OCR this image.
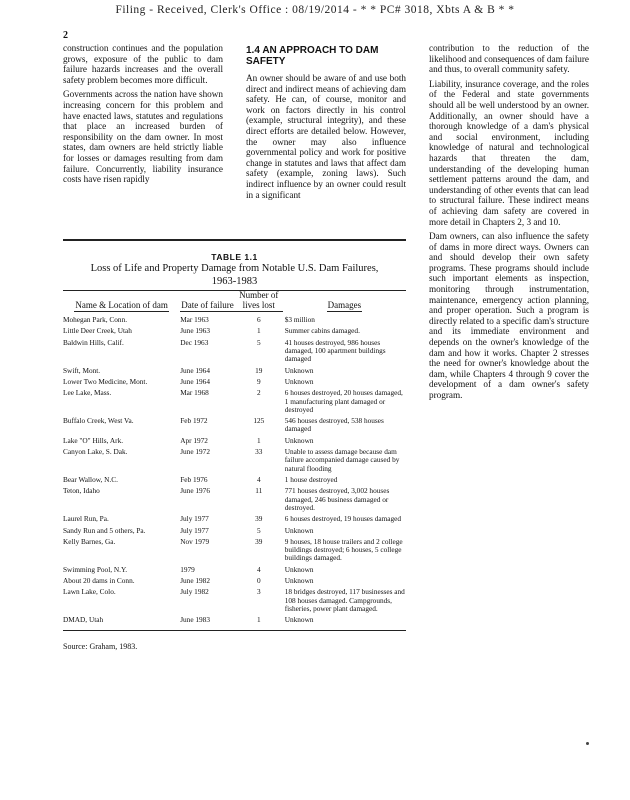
Filing - Received, Clerk's Office : 08/19/2014 - * * PC# 3018, Xbts A & B * *
2

construction continues and the population grows, exposure of the public to dam failure hazards increases and the overall safety problem becomes more difficult.

Governments across the nation have shown increasing concern for this problem and have enacted laws, statutes and regulations that place an increased burden of responsibility on the dam owner. In most states, dam owners are held strictly liable for losses or damages resulting from dam failure. Concurrently, liability insurance costs have risen rapidly

1.4 AN APPROACH TO DAM SAFETY

An owner should be aware of and use both direct and indirect means of achieving dam safety. He can, of course, monitor and work on factors directly in his control (example, structural integrity), and these direct efforts are detailed below. However, the owner may also influence governmental policy and work for positive change in statutes and laws that affect dam safety (example, zoning laws). Such indirect influence by an owner could result in a significant

contribution to the reduction of the likelihood and consequences of dam failure and thus, to overall community safety.

Liability, insurance coverage, and the roles of the Federal and state governments should all be well understood by an owner. Additionally, an owner should have a thorough knowledge of a dam's physical and social environment, including knowledge of natural and technological hazards that threaten the dam, understanding of the developing human settlement patterns around the dam, and understanding of other events that can lead to structural failure. These indirect means of achieving dam safety are covered in more detail in Chapters 2, 3 and 10.

Dam owners, can also influence the safety of dams in more direct ways. Owners can and should develop their own safety programs. These programs should include such important elements as inspection, monitoring through instrumentation, maintenance, emergency action planning, and proper operation. Such a program is directly related to a specific dam's structure and its immediate environment and depends on the owner's knowledge of the dam and how it works. Chapter 2 stresses the need for owner's knowledge about the dam, while Chapters 4 through 9 cover the development of a dam owner's safety program.

TABLE 1.1
Loss of Life and Property Damage from Notable U.S. Dam Failures,
1963-1983
Name & Location of dam	Date of failure	Number of lives lost	Damages

Mohegan Park, Conn.	Mar 1963	6	$3 million

Little Deer Creek, Utah	June 1963	1	Summer cabins damaged.

Baldwin Hills, Calif.	Dec 1963	5	41 houses destroyed, 986 houses damaged, 100 apartment buildings damaged

Swift, Mont.	June 1964	19	Unknown

Lower Two Medicine, Mont.	June 1964	9	Unknown

Lee Lake, Mass.	Mar 1968	2	6 houses destroyed, 20 houses damaged, 1 manufacturing plant damaged or destroyed

Buffalo Creek, West Va.	Feb 1972	125	546 houses destroyed, 538 houses damaged

Lake "O" Hills, Ark.	Apr 1972	1	Unknown

Canyon Lake, S. Dak.	June 1972	33	Unable to assess damage because dam failure accompanied damage caused by natural flooding

Bear Wallow, N.C.	Feb 1976	4	1 house destroyed

Teton, Idaho	June 1976	11	771 houses destroyed, 3,002 houses damaged, 246 business damaged or destroyed.

Laurel Run, Pa.	July 1977	39	6 houses destroyed, 19 houses damaged

Sandy Run and 5 others, Pa.	July 1977	5	Unknown

Kelly Barnes, Ga.	Nov 1979	39	9 houses, 18 house trailers and 2 college buildings destroyed; 6 houses, 5 college buildings damaged.

Swimming Pool, N.Y.	1979	4	Unknown

About 20 dams in Conn.	June 1982	0	Unknown

Lawn Lake, Colo.	July 1982	3	18 bridges destroyed, 117 businesses and 108 houses damaged. Campgrounds, fisheries, power plant damaged.

DMAD, Utah	June 1983	1	Unknown

Source: Graham, 1983.
